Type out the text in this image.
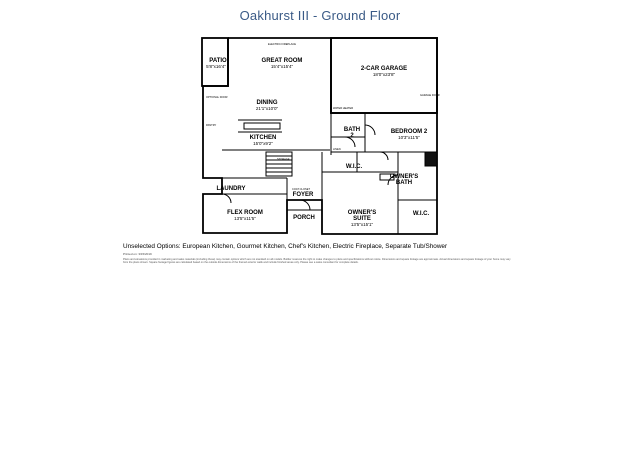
Oakhurst III - Ground Floor
PATIO
5'8"x16'4"
GREAT ROOM
15'4"x15'4"	2-CAR GARAGE
18'0"x23'8"
DINING
21'1"x10'0"
KITCHEN
15'0"x9'2"
BATH
2
BEDROOM 2
10'3"x11'5"
W.I.C.
OWNER'S
BATH
LAUNDRY
FLEX ROOM
13'5"x11'5"
FOYER
PORCH
OWNER'S
SUITE
13'5"x15'1"
W.I.C.
STORAGE
COAT CLOSET
WATER HEATER
LINEN
OPTIONAL DOOR
GARAGE DOOR
ELECTRIC FIREPLACE
PANTRY
Unselected Options: European Kitchen, Gourmet Kitchen, Chef's Kitchen, Electric Fireplace, Separate Tub/Shower
Printed on: 3/15/2019
Plans and elevations provided in marketing and sales materials (including these) may contain options which are not standard on all models. Builder reserves the right to make changes to plans and specifications without notice. Dimensions and square footage are approximate. Actual dimensions and square footage of your home may vary from the plans shown. Square footage figures are calculated based on the outside dimensions of the framed exterior walls and include finished areas only. Please see a sales consultant for complete details.
